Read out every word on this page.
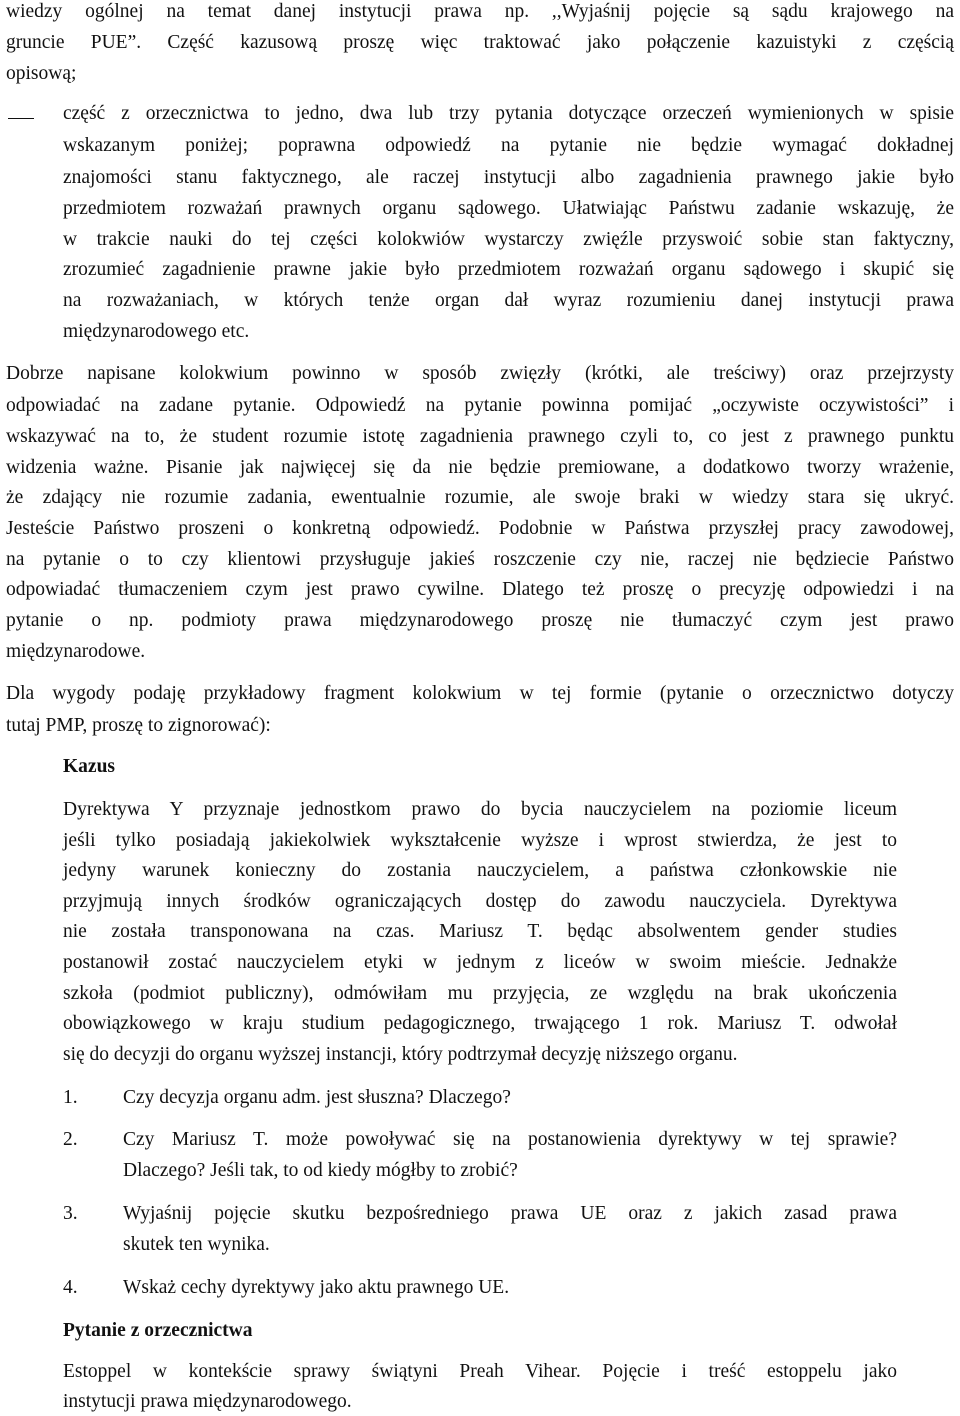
wiedzy ogólnej na temat danej instytucji prawa np. ,,Wyjaśnij pojęcie są sądu krajowego na

gruncie PUE”. Część kazusową proszę więc traktować jako połączenie kazuistyki z częścią

opisową;

część z orzecznictwa to jedno, dwa lub trzy pytania dotyczące orzeczeń wymienionych w spisie

wskazanym poniżej; poprawna odpowiedź na pytanie nie będzie wymagać dokładnej

znajomości stanu faktycznego, ale raczej instytucji albo zagadnienia prawnego jakie było

przedmiotem rozważań prawnych organu sądowego. Ułatwiając Państwu zadanie wskazuję, że

w trakcie nauki do tej części kolokwiów wystarczy zwięźle przyswoić sobie stan faktyczny,

zrozumieć zagadnienie prawne jakie było przedmiotem rozważań organu sądowego i skupić się

na rozważaniach, w których tenże organ dał wyraz rozumieniu danej instytucji prawa

międzynarodowego etc.

Dobrze napisane kolokwium powinno w sposób zwięzły (krótki, ale treściwy) oraz przejrzysty

odpowiadać na zadane pytanie. Odpowiedź na pytanie powinna pomijać „oczywiste oczywistości” i

wskazywać na to, że student rozumie istotę zagadnienia prawnego czyli to, co jest z prawnego punktu

widzenia ważne. Pisanie jak najwięcej się da nie będzie premiowane, a dodatkowo tworzy wrażenie,

że zdający nie rozumie zadania, ewentualnie rozumie, ale swoje braki w wiedzy stara się ukryć.

Jesteście Państwo proszeni o konkretną odpowiedź. Podobnie w Państwa przyszłej pracy zawodowej,

na pytanie o to czy klientowi przysługuje jakieś roszczenie czy nie, raczej nie będziecie Państwo

odpowiadać tłumaczeniem czym jest prawo cywilne. Dlatego też proszę o precyzję odpowiedzi i na

pytanie o np. podmioty prawa międzynarodowego proszę nie tłumaczyć czym jest prawo

międzynarodowe.

Dla wygody podaję przykładowy fragment kolokwium w tej formie (pytanie o orzecznictwo dotyczy

tutaj PMP, proszę to zignorować):

Kazus

Dyrektywa Y przyznaje jednostkom prawo do bycia nauczycielem na poziomie liceum

jeśli tylko posiadają jakiekolwiek wykształcenie wyższe i wprost stwierdza, że jest to

jedyny warunek konieczny do zostania nauczycielem, a państwa członkowskie nie

przyjmują innych środków ograniczających dostęp do zawodu nauczyciela. Dyrektywa

nie została transponowana na czas. Mariusz T. będąc absolwentem gender studies

postanowił zostać nauczycielem etyki w jednym z liceów w swoim mieście. Jednakże

szkoła (podmiot publiczny), odmówiłam mu przyjęcia, ze względu na brak ukończenia

obowiązkowego w kraju studium pedagogicznego, trwającego 1 rok. Mariusz T. odwołał

się do decyzji do organu wyższej instancji, który podtrzymał decyzję niższego organu.

1. Czy decyzja organu adm. jest słuszna? Dlaczego?

2. Czy Mariusz T. może powoływać się na postanowienia dyrektywy w tej sprawie?

Dlaczego? Jeśli tak, to od kiedy mógłby to zrobić?

3. Wyjaśnij pojęcie skutku bezpośredniego prawa UE oraz z jakich zasad prawa

skutek ten wynika.

4. Wskaż cechy dyrektywy jako aktu prawnego UE.

Pytanie z orzecznictwa

Estoppel w kontekście sprawy świątyni Preah Vihear. Pojęcie i treść estoppelu jako

instytucji prawa międzynarodowego.
